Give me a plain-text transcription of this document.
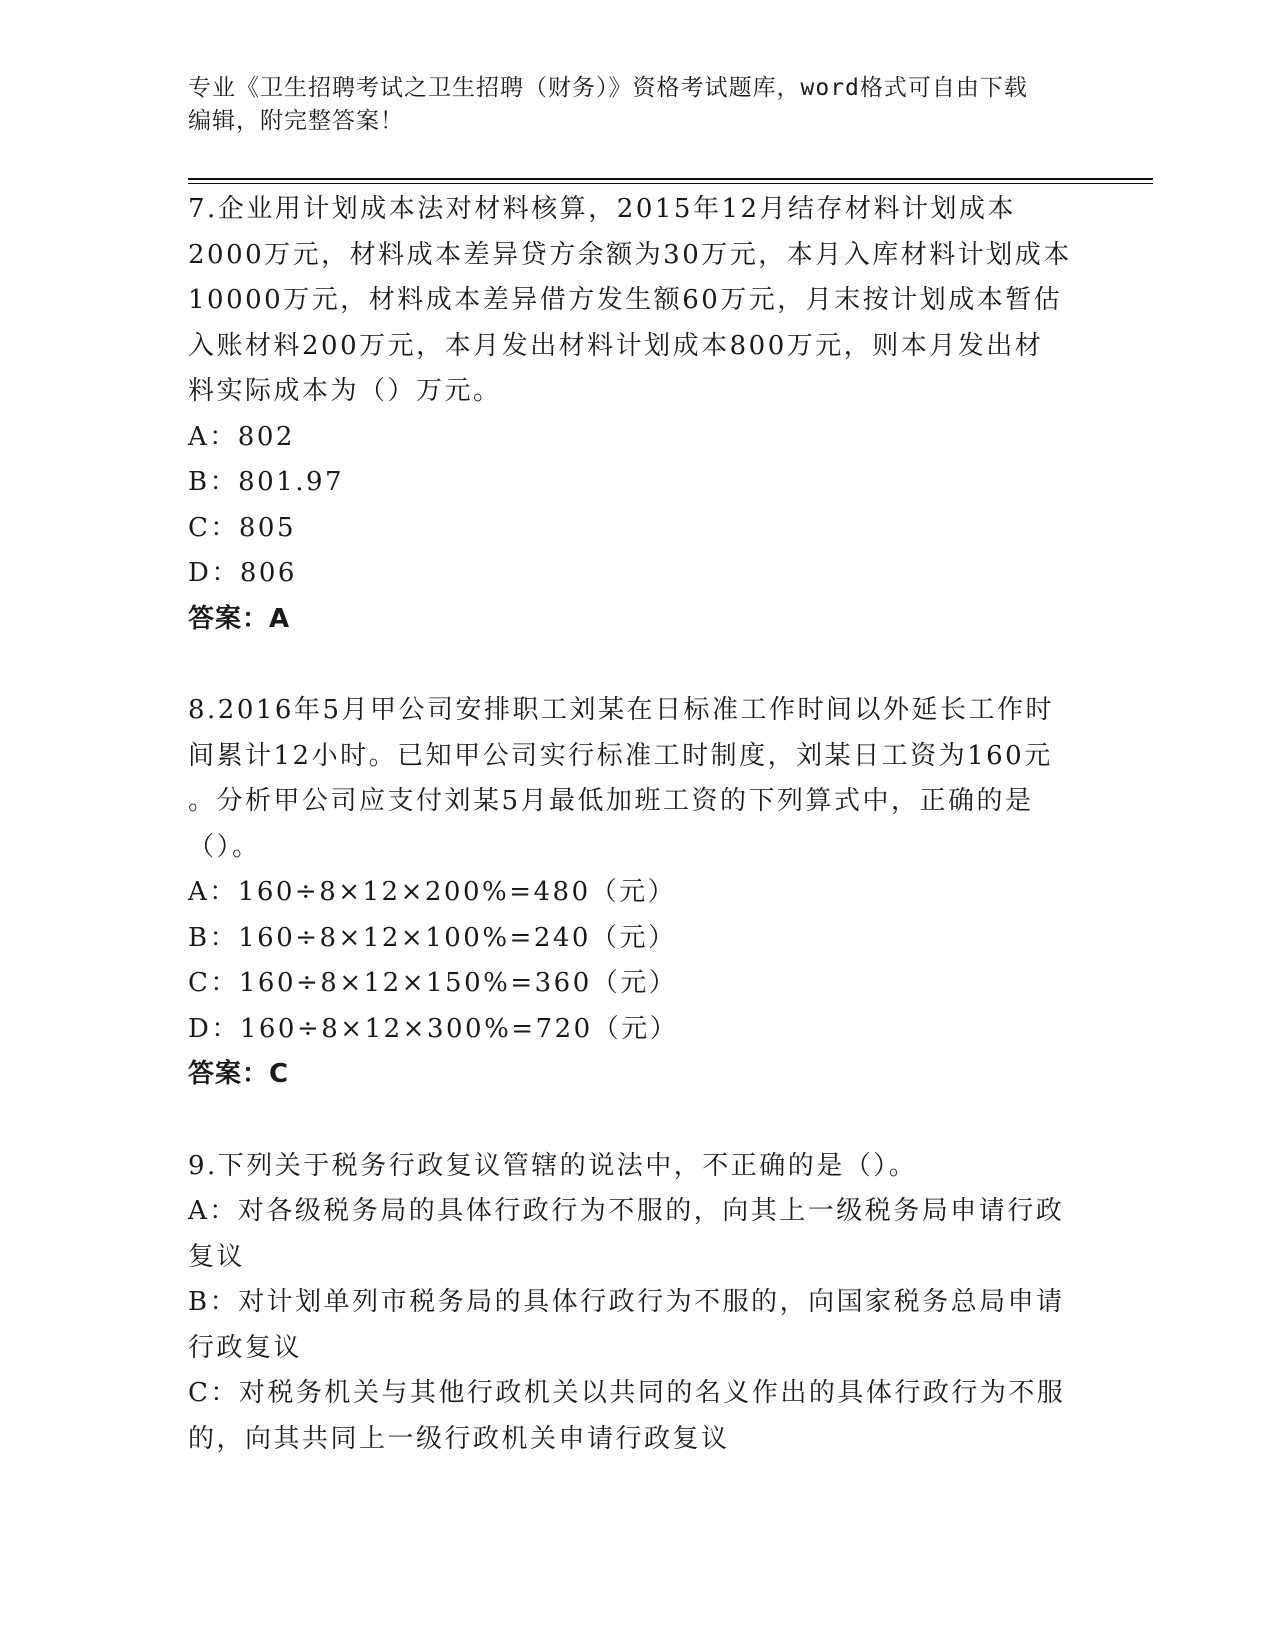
专业《卫生招聘考试之卫生招聘（财务）》资格考试题库，word格式可自由下载
编辑，附完整答案！
7.企业用计划成本法对材料核算，2015年12月结存材料计划成本
2000万元，材料成本差异贷方余额为30万元，本月入库材料计划成本
10000万元，材料成本差异借方发生额60万元，月末按计划成本暂估
入账材料200万元，本月发出材料计划成本800万元，则本月发出材
料实际成本为（）万元。
A：802
B：801.97
C：805
D：806
答案：A
8.2016年5月甲公司安排职工刘某在日标准工作时间以外延长工作时
间累计12小时。已知甲公司实行标准工时制度，刘某日工资为160元
。分析甲公司应支付刘某5月最低加班工资的下列算式中，正确的是
（）。
A：160÷8×12×200%=480（元）
B：160÷8×12×100%=240（元）
C：160÷8×12×150%=360（元）
D：160÷8×12×300%=720（元）
答案：C
9.下列关于税务行政复议管辖的说法中，不正确的是（）。
A：对各级税务局的具体行政行为不服的，向其上一级税务局申请行政
复议
B：对计划单列市税务局的具体行政行为不服的，向国家税务总局申请
行政复议
C：对税务机关与其他行政机关以共同的名义作出的具体行政行为不服
的，向其共同上一级行政机关申请行政复议
